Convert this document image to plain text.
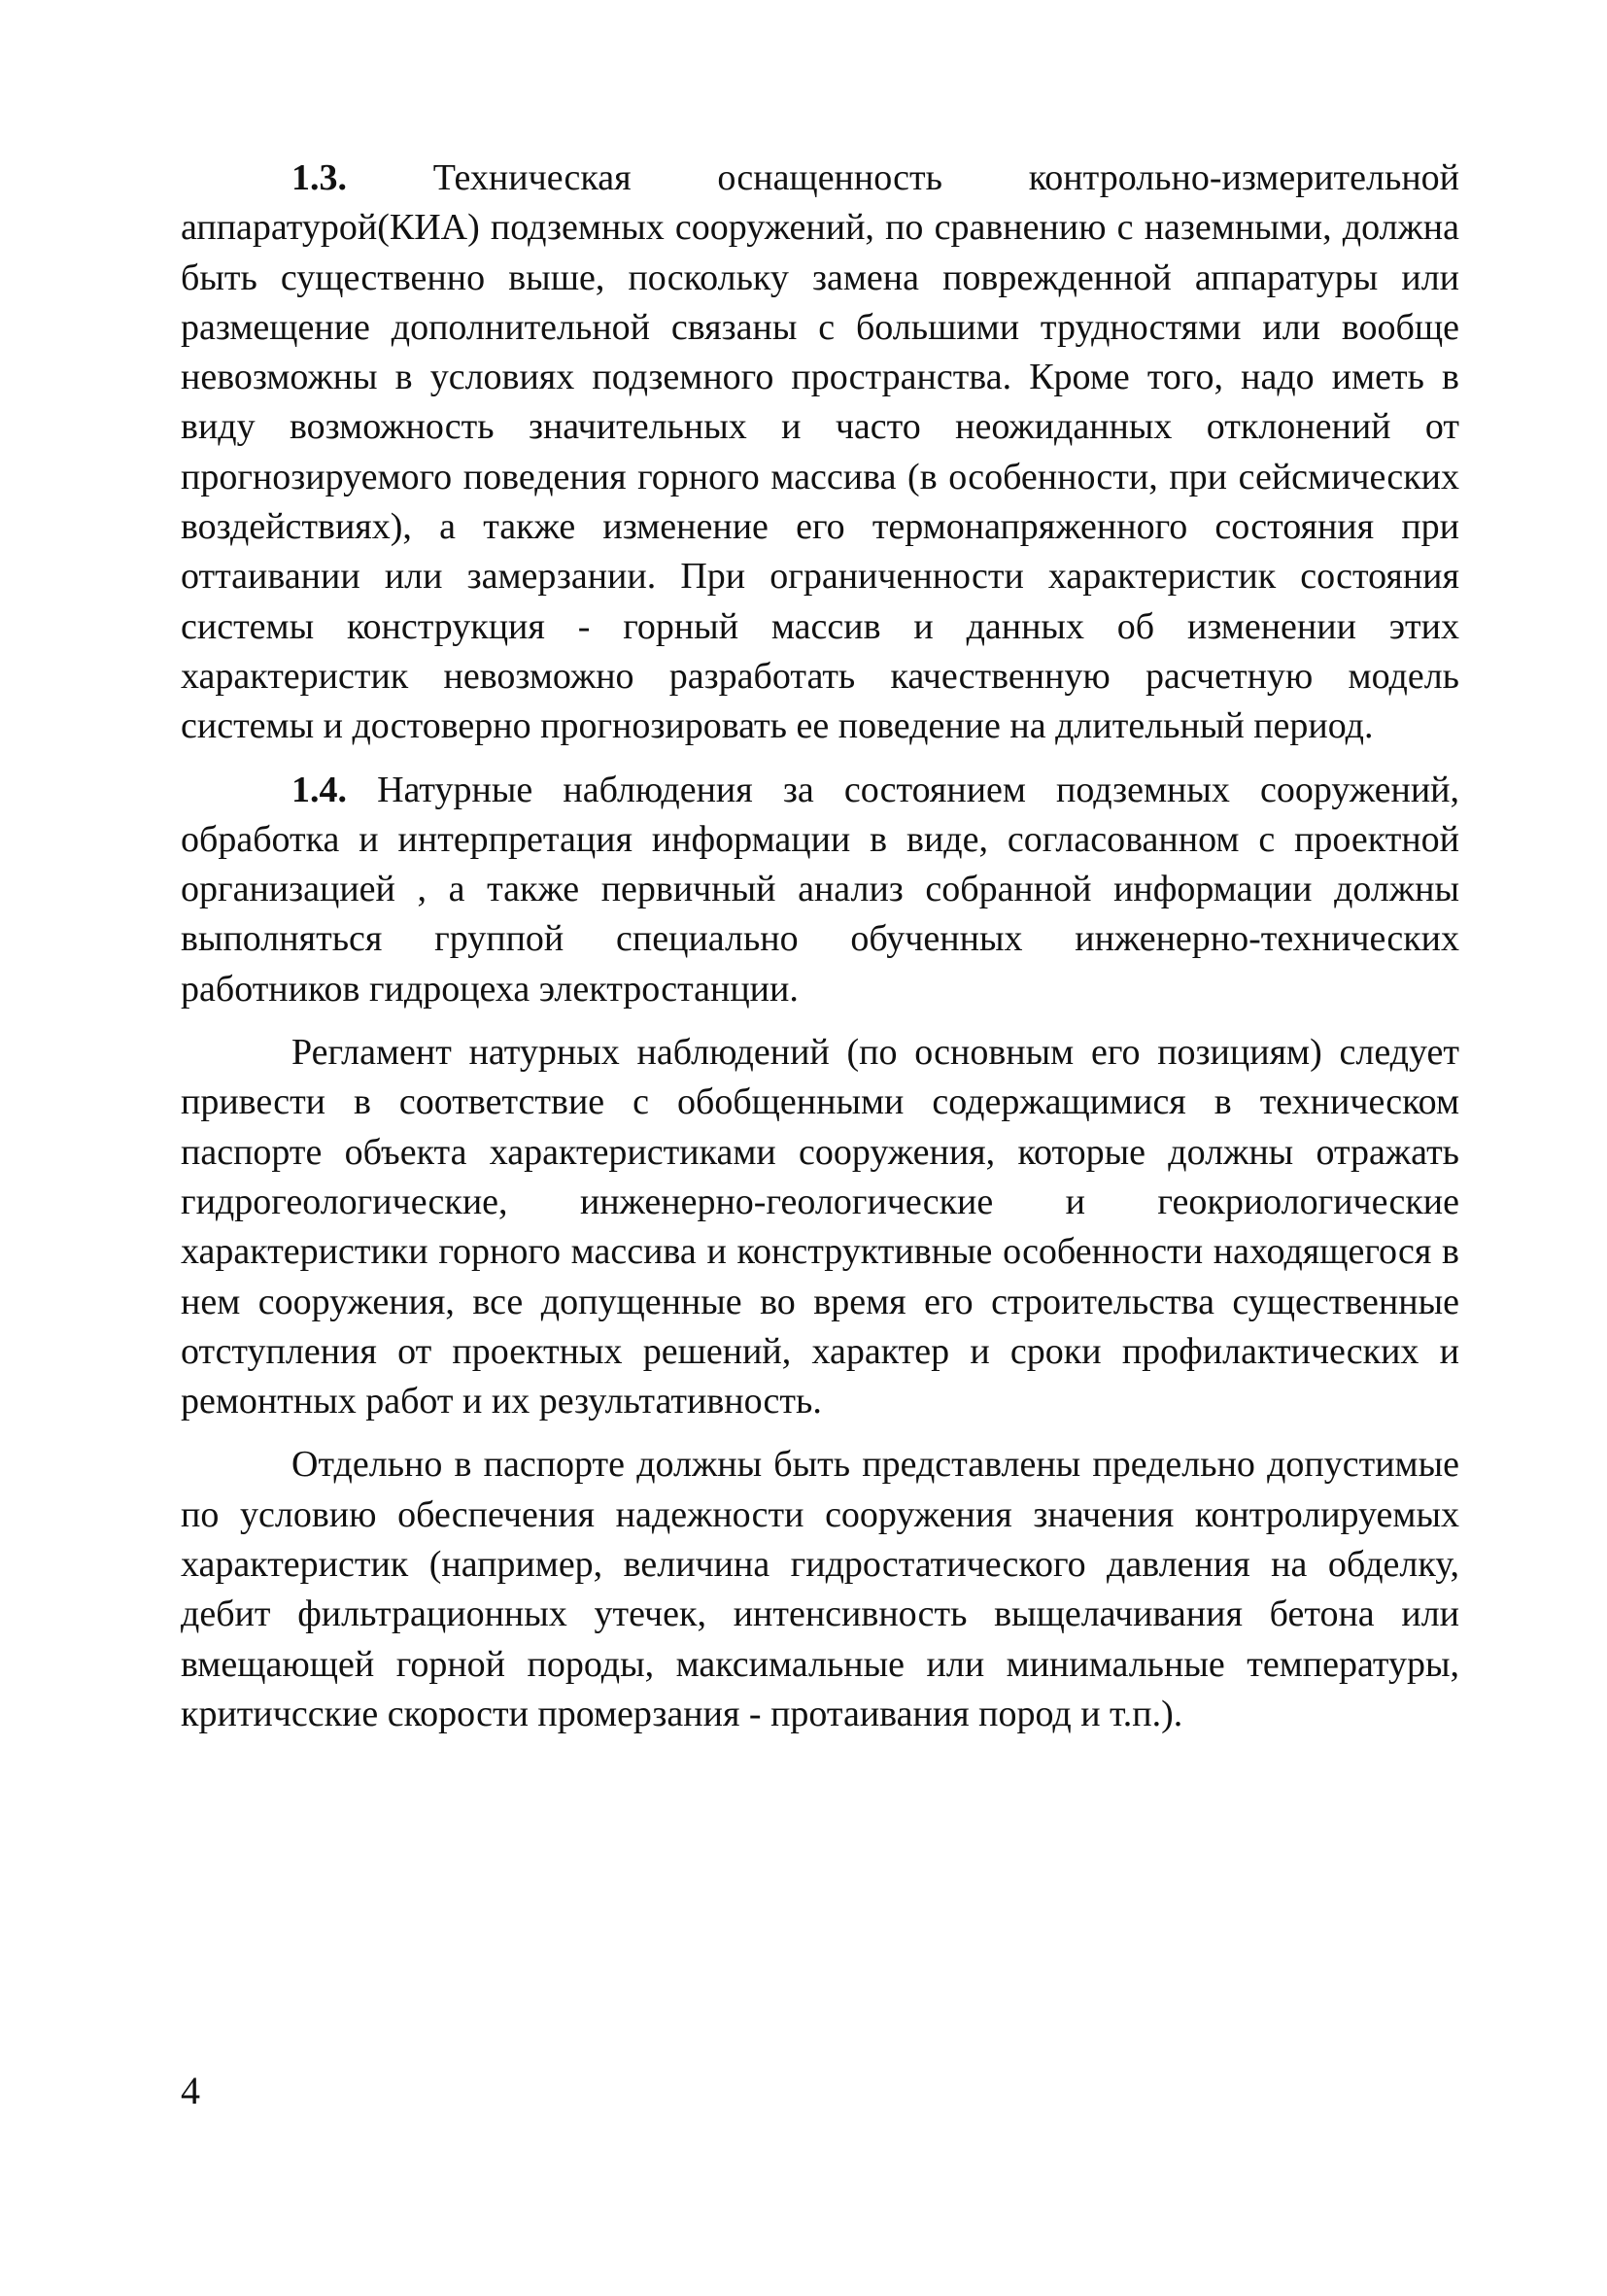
1.3. Техническая оснащенность контрольно-измерительной аппаратурой(КИА) подземных сооружений, по сравнению с наземными, должна быть существенно выше, поскольку замена поврежденной аппаратуры или размещение дополнительной связаны с большими трудностями или вообще невозможны в условиях подземного пространства. Кроме того, надо иметь в виду возможность значительных и часто неожиданных отклонений от прогнозируемого поведения горного массива (в особенности, при сейсмических воздействиях), а также изменение его термонапряженного состояния при оттаивании или замерзании. При ограниченности характеристик состояния системы конструкция - горный массив и данных об изменении этих характеристик невозможно разработать качественную расчетную модель системы и достоверно прогнозировать ее поведение на длительный период.

1.4. Натурные наблюдения за состоянием подземных сооружений, обработка и интерпретация информации в виде, согласованном с проектной организацией , а также первичный анализ собранной информации должны выполняться группой специально обученных инженерно-технических работников гидроцеха электростанции.

Регламент натурных наблюдений (по основным его позициям) следует привести в соответствие с обобщенными содержащимися в техническом паспорте объекта характеристиками сооружения, которые должны отражать гидрогеологические, инженерно-геологические и геокриологические характеристики горного массива и конструктивные особенности находящегося в нем сооружения, все допущенные во время его строительства существенные отступления от проектных решений, характер и сроки профилактических и ремонтных работ и их результативность.

Отдельно в паспорте должны быть представлены предельно допустимые по условию обеспечения надежности сооружения значения контролируемых характеристик (например, величина гидростатического давления на обделку, дебит фильтрационных утечек, интенсивность выщелачивания бетона или вмещающей горной породы, максимальные или минимальные температуры, критичсские скорости промерзания - протаивания пород и т.п.).

4
